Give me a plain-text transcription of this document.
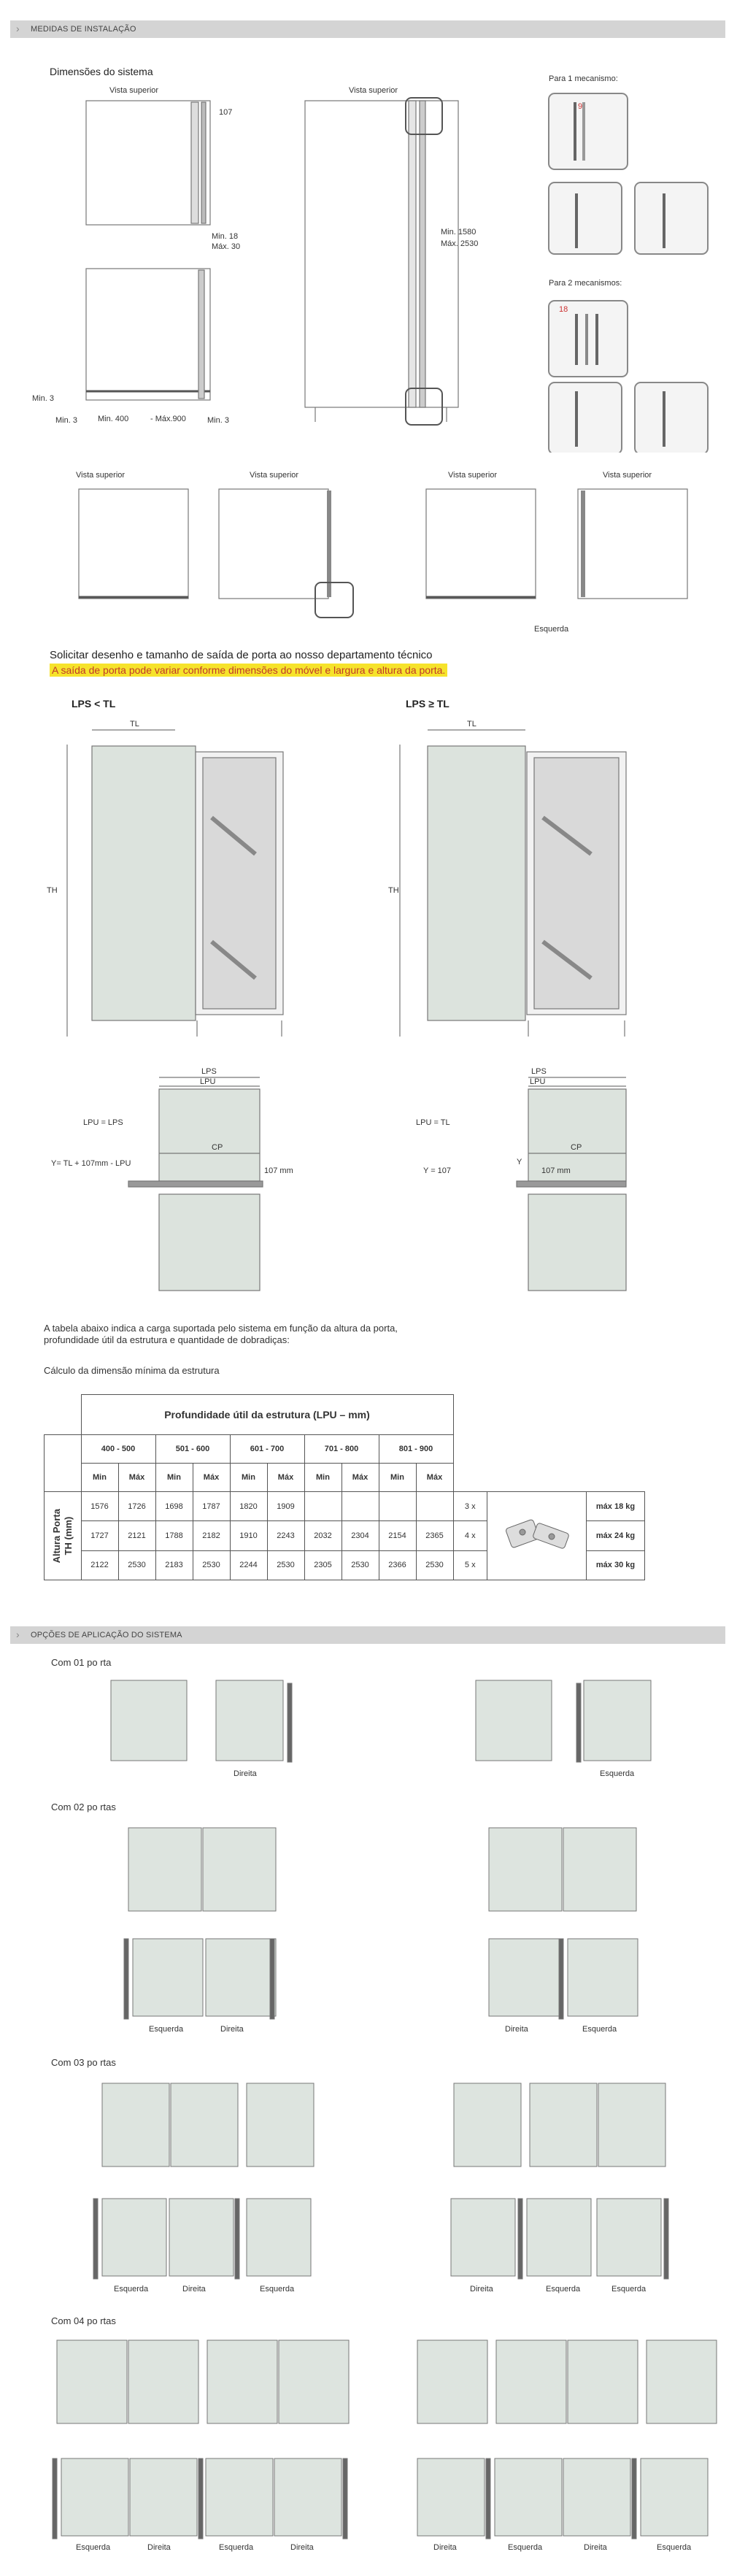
› MEDIDAS DE INSTALAÇÃO
Dimensões do sistema
Vista superior
107
Min. 18
Máx. 30
Min. 3
Min. 3	Min. 400	- Máx.900	Min. 3
Vista superior
Min. 1580
Máx. 2530
Para 1 mecanismo:
Para 2 mecanismos:
9
18
Vista superior	Vista superior	Vista superior	Vista superior
Esquerda
Solicitar desenho e tamanho de saída de porta ao nosso departamento técnico
A saída de porta pode variar conforme dimensões do móvel e largura e altura da porta.
LPS < TL	LPS ≥ TL
TL
TH
TL
TH
LPS
LPU
CP
LPU = LPS
Y= TL + 107mm - LPU
107 mm
LPS
LPU
CP
LPU = TL
Y = 107
Y
107 mm
A tabela abaixo indica a carga suportada pelo sistema em função da altura da porta,
profundidade útil da estrutura e quantidade de dobradiças:
Cálculo da dimensão mínima da estrutura
	Profundidade útil da estrutura (LPU – mm)												
	400 - 500		501 - 600		601 - 700		701 - 800		801 - 900				
	Min	Máx	Min	Máx	Min	Máx	Min	Máx	Min	Máx			

Altura Porta
TH (mm)	1576	1726	1698	1787	1820	1909					3 x		máx 18 kg
	1727	2121	1788	2182	1910	2243	2032	2304	2154	2365	4 x		máx 24 kg
	2122	2530	2183	2530	2244	2530	2305	2530	2366	2530	5 x		máx 30 kg
› OPÇÕES DE APLICAÇÃO DO SISTEMA
Com 01 po rta
Com 02 po rtas
Com 03 po rtas
Com 04 po rtas
Direita	Esquerda
Esquerda	Direita	Direita	Esquerda
Esquerda	Direita	Esquerda	Direita	Esquerda	Esquerda
Esquerda	Direita	Esquerda	Direita	Direita	Esquerda	Direita	Esquerda
